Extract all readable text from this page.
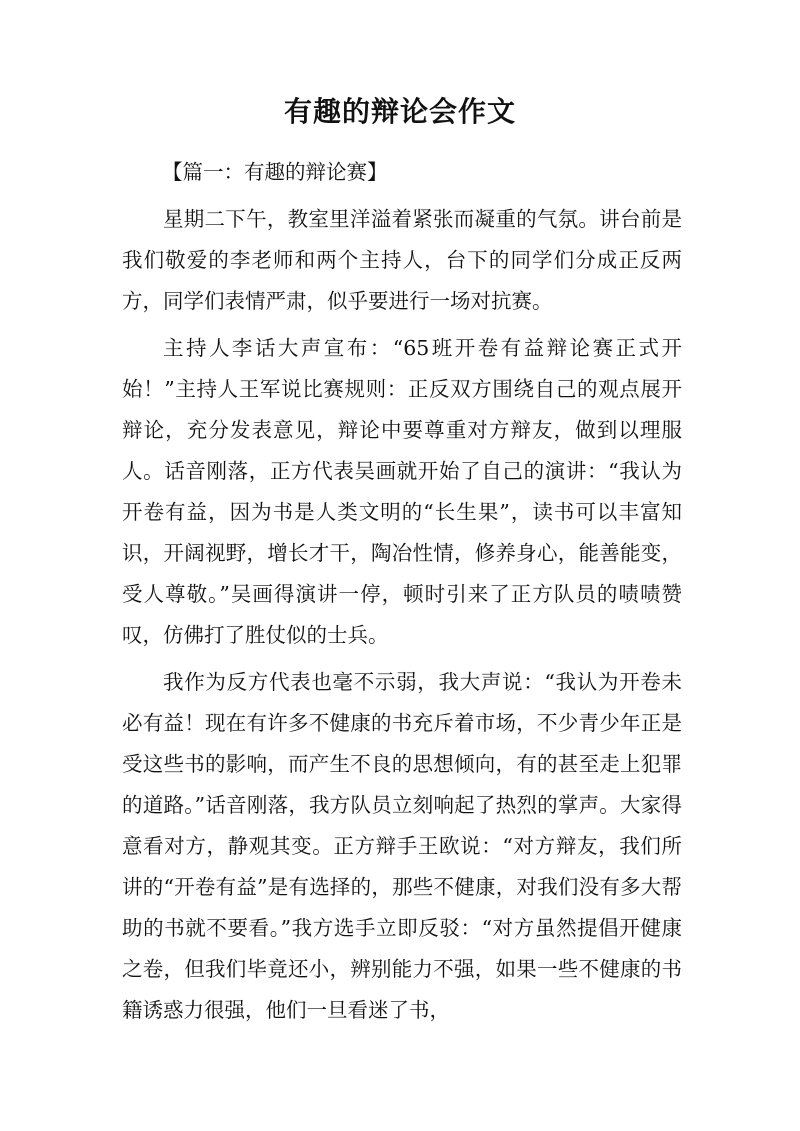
有趣的辩论会作文

【篇一：有趣的辩论赛】

星期二下午，教室里洋溢着紧张而凝重的气氛。讲台前是我们敬爱的李老师和两个主持人，台下的同学们分成正反两方，同学们表情严肃，似乎要进行一场对抗赛。

主持人李话大声宣布：“65班开卷有益辩论赛正式开始！”主持人王军说比赛规则：正反双方围绕自己的观点展开辩论，充分发表意见，辩论中要尊重对方辩友，做到以理服人。话音刚落，正方代表吴画就开始了自己的演讲：“我认为开卷有益，因为书是人类文明的“长生果”，读书可以丰富知识，开阔视野，增长才干，陶冶性情，修养身心，能善能变，受人尊敬。”吴画得演讲一停，顿时引来了正方队员的啧啧赞叹，仿佛打了胜仗似的士兵。

我作为反方代表也毫不示弱，我大声说：“我认为开卷未必有益！现在有许多不健康的书充斥着市场，不少青少年正是受这些书的影响，而产生不良的思想倾向，有的甚至走上犯罪的道路。”话音刚落，我方队员立刻响起了热烈的掌声。大家得意看对方，静观其变。正方辩手王欧说：“对方辩友，我们所讲的“开卷有益”是有选择的，那些不健康，对我们没有多大帮助的书就不要看。”我方选手立即反驳：“对方虽然提倡开健康之卷，但我们毕竟还小，辨别能力不强，如果一些不健康的书籍诱惑力很强，他们一旦看迷了书，
